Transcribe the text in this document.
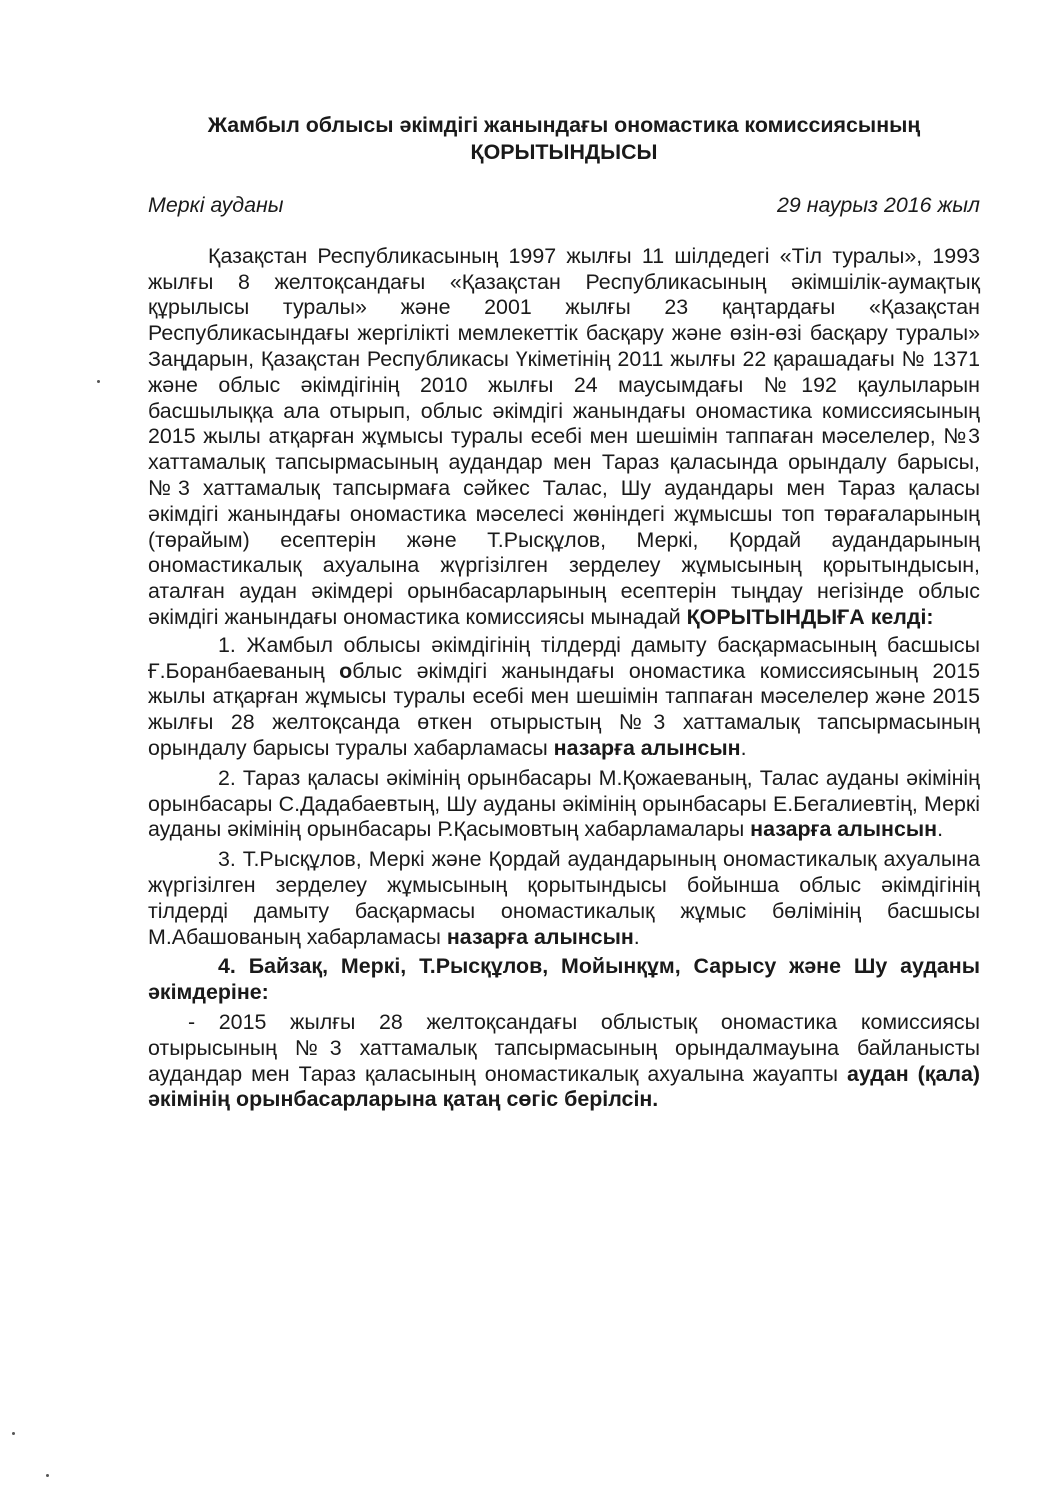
Жамбыл облысы әкімдігі жанындағы ономастика комиссиясының
ҚОРЫТЫНДЫСЫ
Меркі ауданы	29 наурыз 2016 жыл

Қазақстан Республикасының 1997 жылғы 11 шілдедегі «Тіл туралы», 1993 жылғы 8 желтоқсандағы «Қазақстан Республикасының әкімшілік-аумақтық құрылысы туралы» және 2001 жылғы 23 қаңтардағы «Қазақстан Республикасындағы жергілікті мемлекеттік басқару және өзін-өзі басқару туралы» Заңдарын, Қазақстан Республикасы Үкіметінің 2011 жылғы 22 қарашадағы № 1371 және облыс әкімдігінің 2010 жылғы 24 маусымдағы №192 қаулыларын басшылыққа ала отырып, облыс әкімдігі жанындағы ономастика комиссиясының 2015 жылы атқарған жұмысы туралы есебі мен шешімін таппаған мәселелер, №3 хаттамалық тапсырмасының аудандар мен Тараз қаласында орындалу барысы, №3 хаттамалық тапсырмаға сәйкес Талас, Шу аудандары мен Тараз қаласы әкімдігі жанындағы ономастика мәселесі жөніндегі жұмысшы топ төрағаларының (төрайым) есептерін және Т.Рысқұлов, Меркі, Қордай аудандарының ономастикалық ахуалына жүргізілген зерделеу жұмысының қорытындысын, аталған аудан әкімдері орынбасарларының есептерін тыңдау негізінде облыс әкімдігі жанындағы ономастика комиссиясы мынадай ҚОРЫТЫНДЫҒА келді:

1. Жамбыл облысы әкімдігінің тілдерді дамыту басқармасының басшысы Ғ.Боранбаеваның облыс әкімдігі жанындағы ономастика комиссиясының 2015 жылы атқарған жұмысы туралы есебі мен шешімін таппаған мәселелер және 2015 жылғы 28 желтоқсанда өткен отырыстың №3 хаттамалық тапсырмасының орындалу барысы туралы хабарламасы назарға алынсын.

2. Тараз қаласы әкімінің орынбасары М.Қожаеваның, Талас ауданы әкімінің орынбасары С.Дадабаевтың, Шу ауданы әкімінің орынбасары Е.Бегалиевтің, Меркі ауданы әкімінің орынбасары Р.Қасымовтың хабарламалары назарға алынсын.

3. Т.Рысқұлов, Меркі және Қордай аудандарының ономастикалық ахуалына жүргізілген зерделеу жұмысының қорытындысы бойынша облыс әкімдігінің тілдерді дамыту басқармасы ономастикалық жұмыс бөлімінің басшысы М.Абашованың хабарламасы назарға алынсын.

4. Байзақ, Меркі, Т.Рысқұлов, Мойынқұм, Сарысу және Шу ауданы әкімдеріне:

- 2015 жылғы 28 желтоқсандағы облыстық ономастика комиссиясы отырысының №3 хаттамалық тапсырмасының орындалмауына байланысты аудандар мен Тараз қаласының ономастикалық ахуалына жауапты аудан (қала) әкімінің орынбасарларына қатаң сөгіс берілсін.
